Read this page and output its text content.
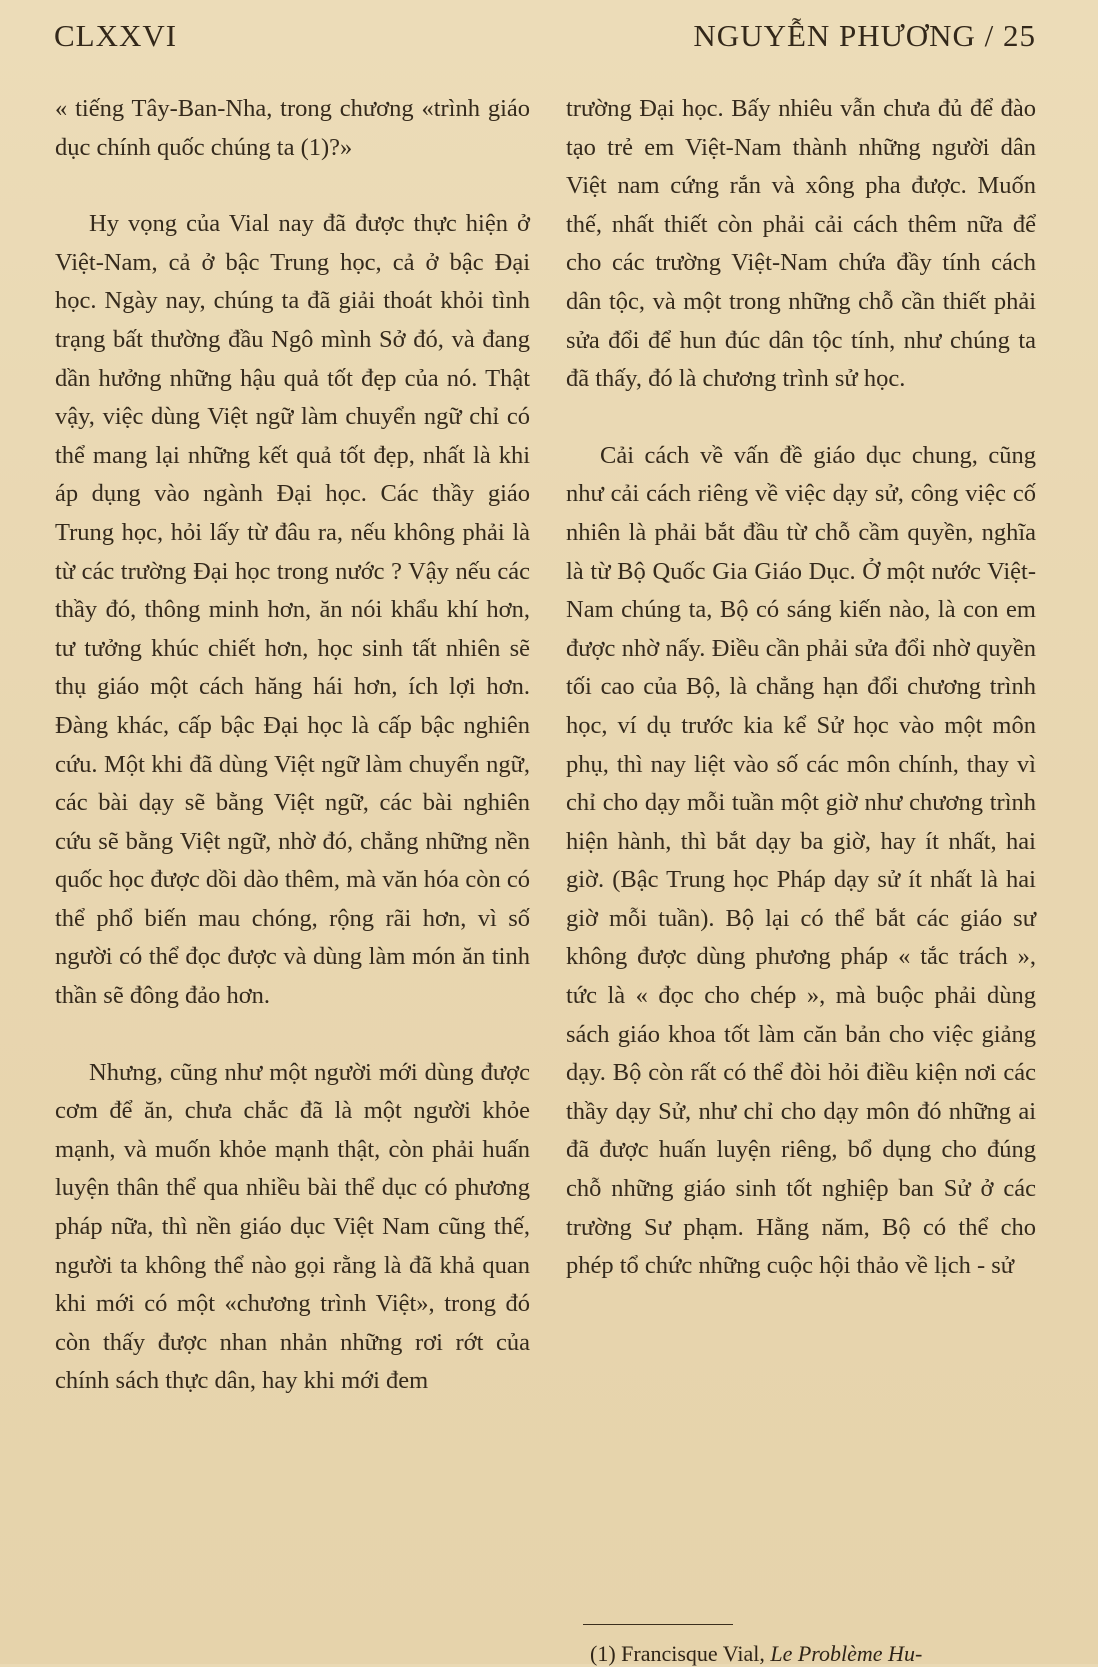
CLXXVI	NGUYỄN PHƯƠNG / 25

« tiếng Tây-Ban-Nha, trong chương «trình giáo dục chính quốc chúng ta (1)?»

Hy vọng của Vial nay đã được thực hiện ở Việt-Nam, cả ở bậc Trung học, cả ở bậc Đại học. Ngày nay, chúng ta đã giải thoát khỏi tình trạng bất thường đầu Ngô mình Sở đó, và đang dần hưởng những hậu quả tốt đẹp của nó. Thật vậy, việc dùng Việt ngữ làm chuyển ngữ chỉ có thể mang lại những kết quả tốt đẹp, nhất là khi áp dụng vào ngành Đại học. Các thầy giáo Trung học, hỏi lấy từ đâu ra, nếu không phải là từ các trường Đại học trong nước ? Vậy nếu các thầy đó, thông minh hơn, ăn nói khẩu khí hơn, tư tưởng khúc chiết hơn, học sinh tất nhiên sẽ thụ giáo một cách hăng hái hơn, ích lợi hơn. Đàng khác, cấp bậc Đại học là cấp bậc nghiên cứu. Một khi đã dùng Việt ngữ làm chuyển ngữ, các bài dạy sẽ bằng Việt ngữ, các bài nghiên cứu sẽ bằng Việt ngữ, nhờ đó, chẳng những nền quốc học được dồi dào thêm, mà văn hóa còn có thể phổ biến mau chóng, rộng rãi hơn, vì số người có thể đọc được và dùng làm món ăn tinh thần sẽ đông đảo hơn.

Nhưng, cũng như một người mới dùng được cơm để ăn, chưa chắc đã là một người khỏe mạnh, và muốn khỏe mạnh thật, còn phải huấn luyện thân thể qua nhiều bài thể dục có phương pháp nữa, thì nền giáo dục Việt Nam cũng thế, người ta không thể nào gọi rằng là đã khả quan khi mới có một «chương trình Việt», trong đó còn thấy được nhan nhản những rơi rớt của chính sách thực dân, hay khi mới đem

trường Đại học. Bấy nhiêu vẫn chưa đủ để đào tạo trẻ em Việt-Nam thành những người dân Việt nam cứng rắn và xông pha được. Muốn thế, nhất thiết còn phải cải cách thêm nữa để cho các trường Việt-Nam chứa đầy tính cách dân tộc, và một trong những chỗ cần thiết phải sửa đổi để hun đúc dân tộc tính, như chúng ta đã thấy, đó là chương trình sử học.

Cải cách về vấn đề giáo dục chung, cũng như cải cách riêng về việc dạy sử, công việc cố nhiên là phải bắt đầu từ chỗ cầm quyền, nghĩa là từ Bộ Quốc Gia Giáo Dục. Ở một nước Việt-Nam chúng ta, Bộ có sáng kiến nào, là con em được nhờ nấy. Điều cần phải sửa đổi nhờ quyền tối cao của Bộ, là chẳng hạn đổi chương trình học, ví dụ trước kia kể Sử học vào một môn phụ, thì nay liệt vào số các môn chính, thay vì chỉ cho dạy mỗi tuần một giờ như chương trình hiện hành, thì bắt dạy ba giờ, hay ít nhất, hai giờ. (Bậc Trung học Pháp dạy sử ít nhất là hai giờ mỗi tuần). Bộ lại có thể bắt các giáo sư không được dùng phương pháp « tắc trách », tức là « đọc cho chép », mà buộc phải dùng sách giáo khoa tốt làm căn bản cho việc giảng dạy. Bộ còn rất có thể đòi hỏi điều kiện nơi các thầy dạy Sử, như chỉ cho dạy môn đó những ai đã được huấn luyện riêng, bổ dụng cho đúng chỗ những giáo sinh tốt nghiệp ban Sử ở các trường Sư phạm. Hằng năm, Bộ có thể cho phép tổ chức những cuộc hội thảo về lịch - sử

(1) Francisque Vial, Le Problème Hu-
